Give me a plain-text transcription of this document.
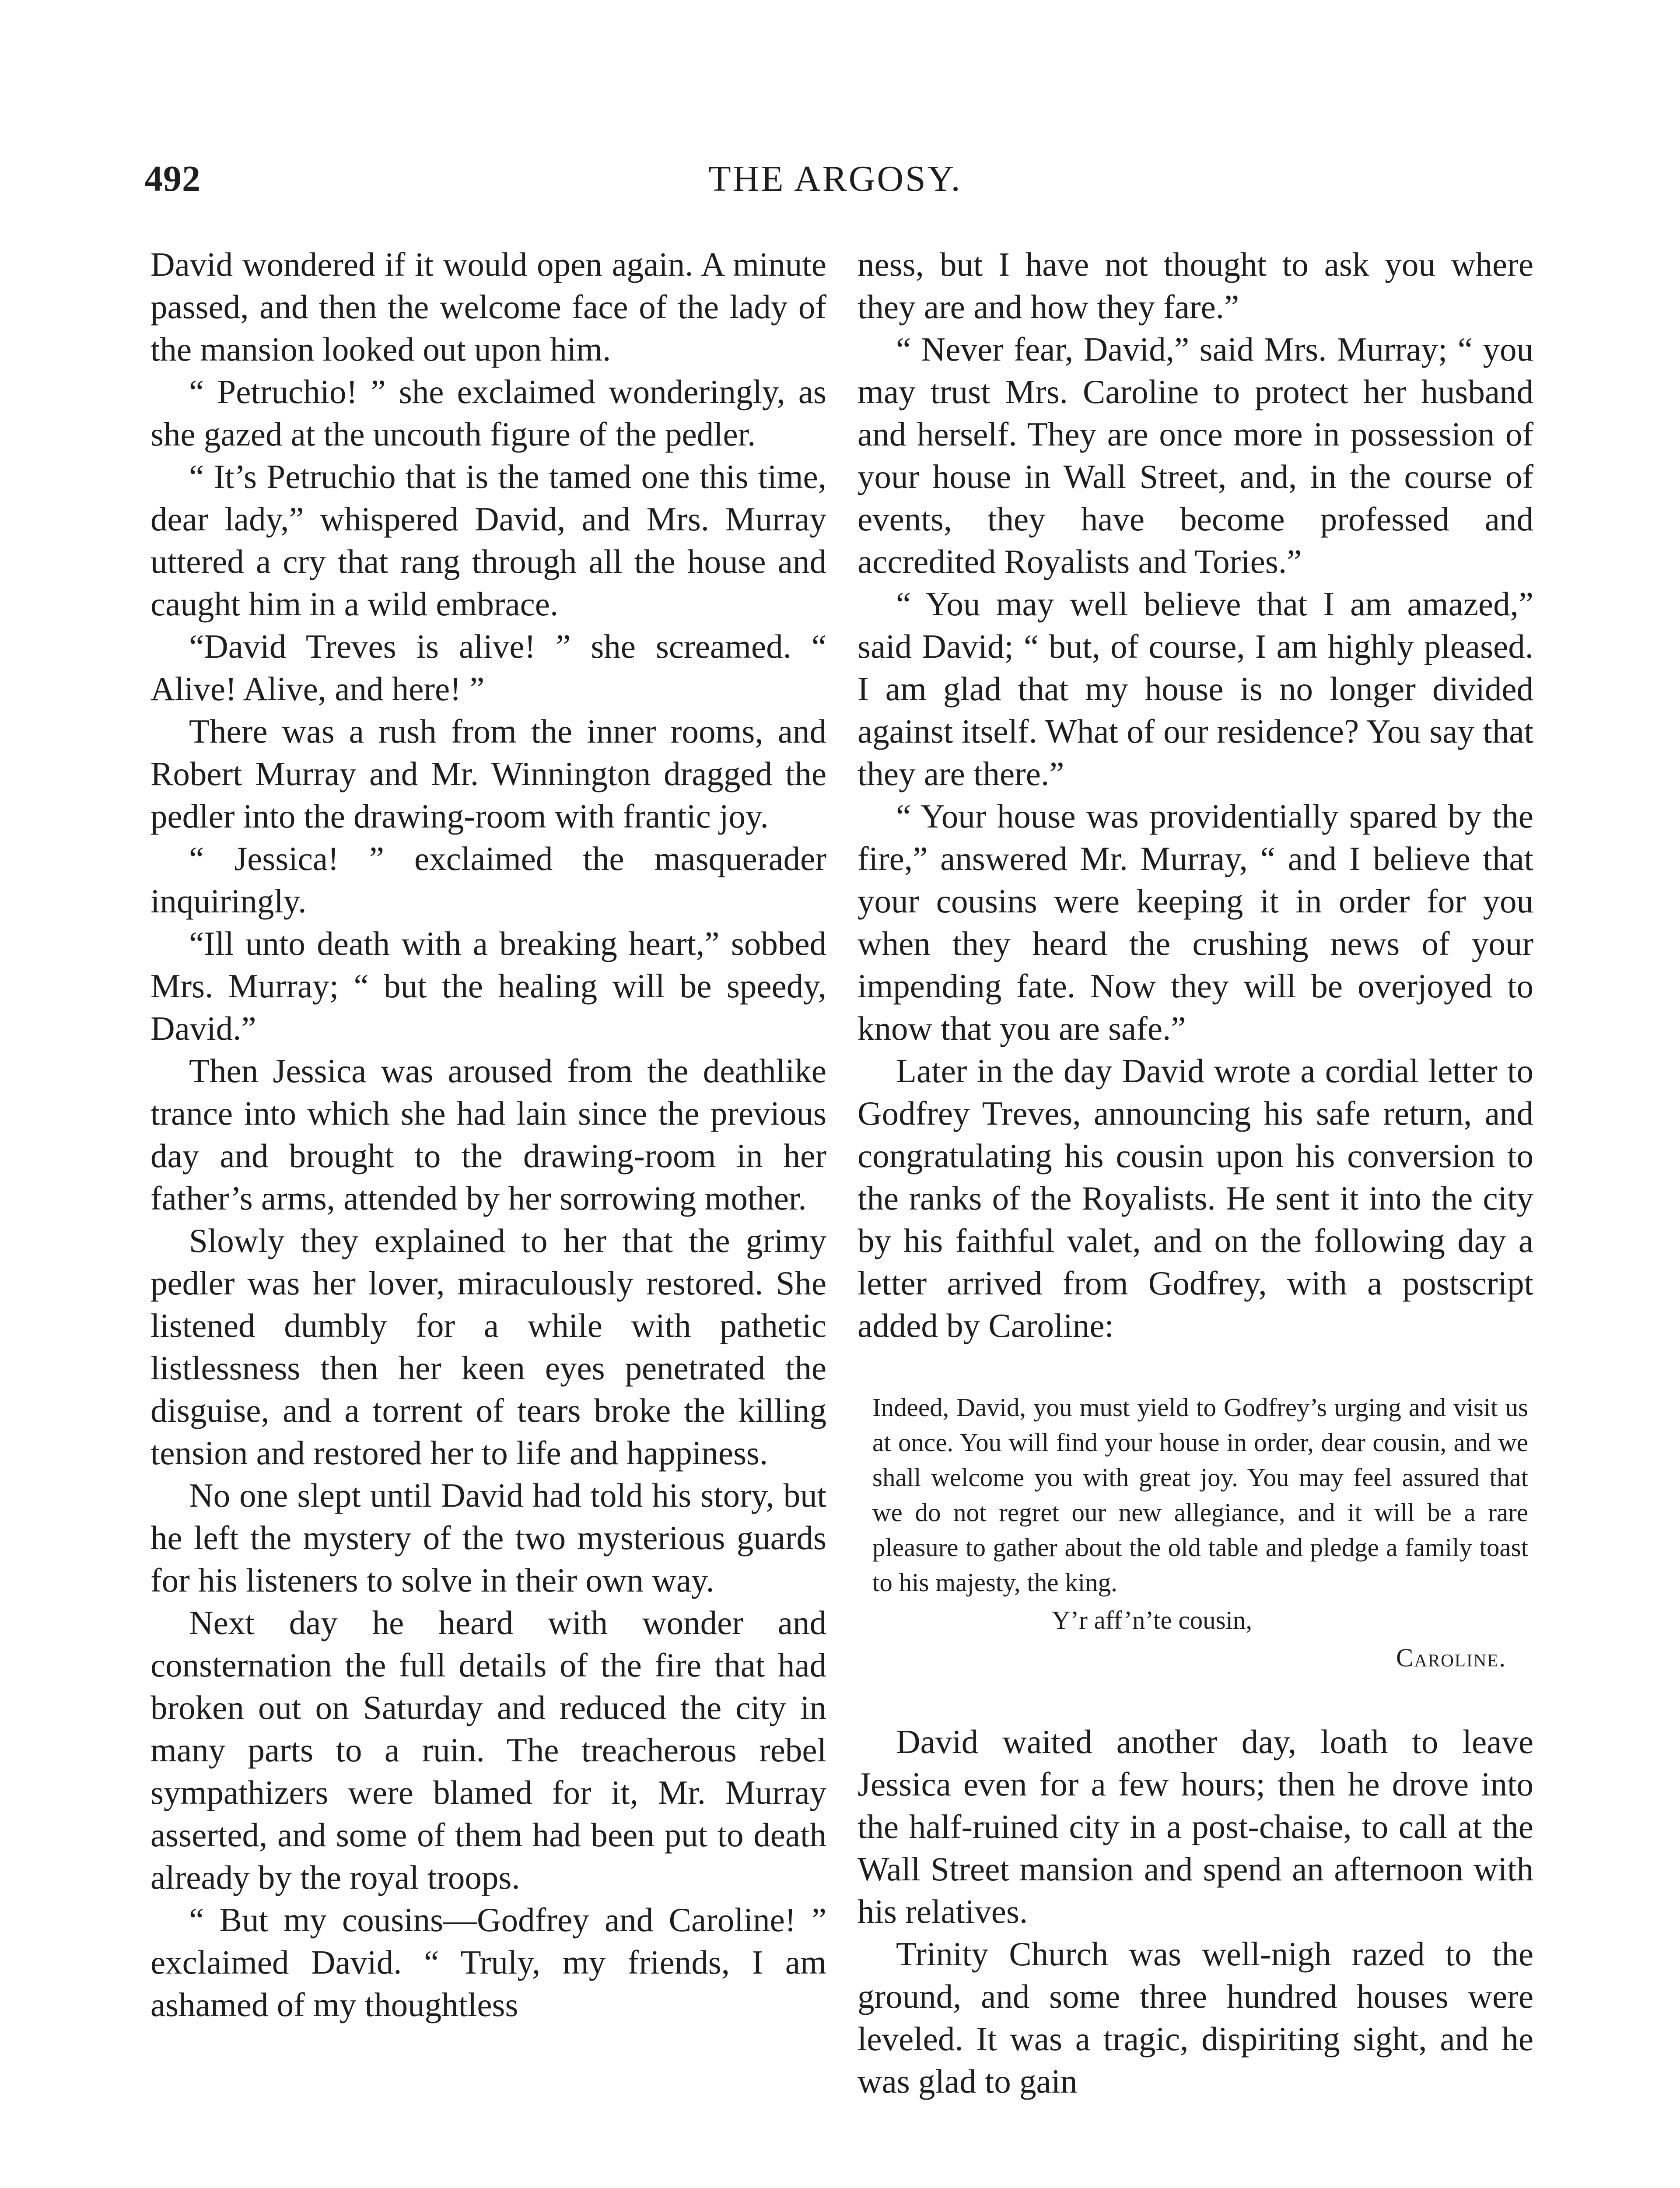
492	THE ARGOSY.

David wondered if it would open again. A minute passed, and then the welcome face of the lady of the mansion looked out upon him.

“ Petruchio! ” she exclaimed wonderingly, as she gazed at the uncouth figure of the pedler.

“ It’s Petruchio that is the tamed one this time, dear lady,” whispered David, and Mrs. Murray uttered a cry that rang through all the house and caught him in a wild embrace.

“David Treves is alive! ” she screamed. “ Alive! Alive, and here! ”

There was a rush from the inner rooms, and Robert Murray and Mr. Winnington dragged the pedler into the drawing-room with frantic joy.

“ Jessica! ” exclaimed the masquerader inquiringly.

“Ill unto death with a breaking heart,” sobbed Mrs. Murray; “ but the healing will be speedy, David.”

Then Jessica was aroused from the deathlike trance into which she had lain since the previous day and brought to the drawing-room in her father’s arms, attended by her sorrowing mother.

Slowly they explained to her that the grimy pedler was her lover, miraculously restored. She listened dumbly for a while with pathetic listlessness then her keen eyes penetrated the disguise, and a torrent of tears broke the killing tension and restored her to life and happiness.

No one slept until David had told his story, but he left the mystery of the two mysterious guards for his listeners to solve in their own way.

Next day he heard with wonder and consternation the full details of the fire that had broken out on Saturday and reduced the city in many parts to a ruin. The treacherous rebel sympathizers were blamed for it, Mr. Murray asserted, and some of them had been put to death already by the royal troops.

“ But my cousins—Godfrey and Caroline! ” exclaimed David. “ Truly, my friends, I am ashamed of my thoughtless

ness, but I have not thought to ask you where they are and how they fare.”

“ Never fear, David,” said Mrs. Murray; “ you may trust Mrs. Caroline to protect her husband and herself. They are once more in possession of your house in Wall Street, and, in the course of events, they have become professed and accredited Royalists and Tories.”

“ You may well believe that I am amazed,” said David; “ but, of course, I am highly pleased. I am glad that my house is no longer divided against itself. What of our residence? You say that they are there.”

“ Your house was providentially spared by the fire,” answered Mr. Murray, “ and I believe that your cousins were keeping it in order for you when they heard the crushing news of your impending fate. Now they will be overjoyed to know that you are safe.”

Later in the day David wrote a cordial letter to Godfrey Treves, announcing his safe return, and congratulating his cousin upon his conversion to the ranks of the Royalists. He sent it into the city by his faithful valet, and on the following day a letter arrived from Godfrey, with a postscript added by Caroline:

Indeed, David, you must yield to Godfrey’s urging and visit us at once. You will find your house in order, dear cousin, and we shall welcome you with great joy. You may feel assured that we do not regret our new allegiance, and it will be a rare pleasure to gather about the old table and pledge a family toast to his majesty, the king.

Y’r aff’n’te cousin,
Caroline.

David waited another day, loath to leave Jessica even for a few hours; then he drove into the half-ruined city in a post-chaise, to call at the Wall Street mansion and spend an afternoon with his relatives.

Trinity Church was well-nigh razed to the ground, and some three hundred houses were leveled. It was a tragic, dispiriting sight, and he was glad to gain
